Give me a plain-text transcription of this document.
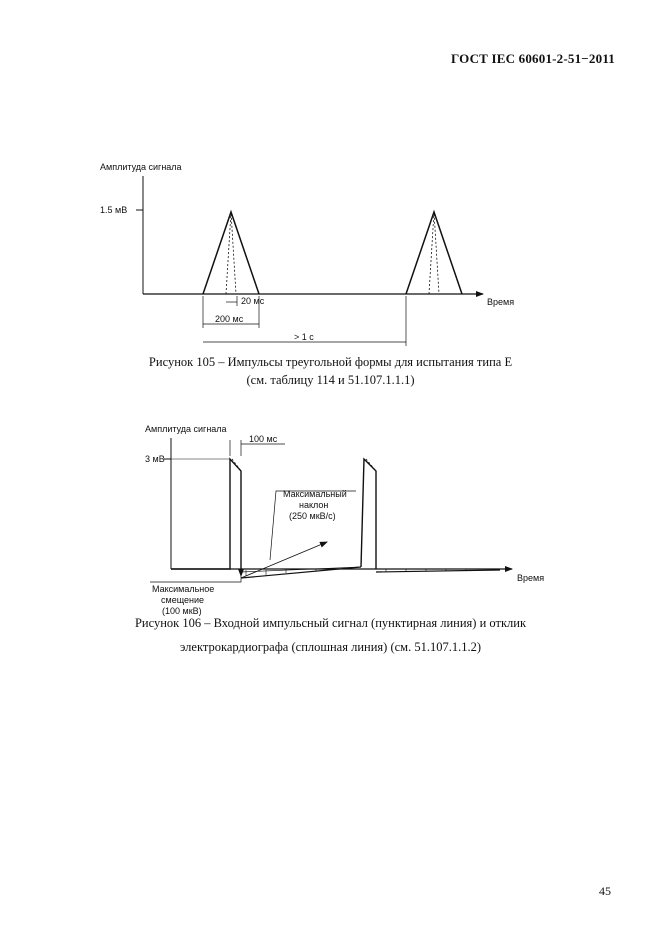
ГОСТ IEC 60601-2-51−2011
Амплитуда сигнала
Время
1.5 мВ
20 мс
200 мс
> 1 с
Амплитуда сигнала
Время
3 мВ
100 мс
Максимальный
наклон
(250 мкВ/с)
Максимальное
смещение
(100 мкВ)
Рисунок 105 – Импульсы треугольной формы для испытания типа E
(см. таблицу 114 и 51.107.1.1.1)
Рисунок 106 – Входной импульсный сигнал (пунктирная линия) и отклик
электрокардиографа (сплошная линия) (см. 51.107.1.1.2)
45
